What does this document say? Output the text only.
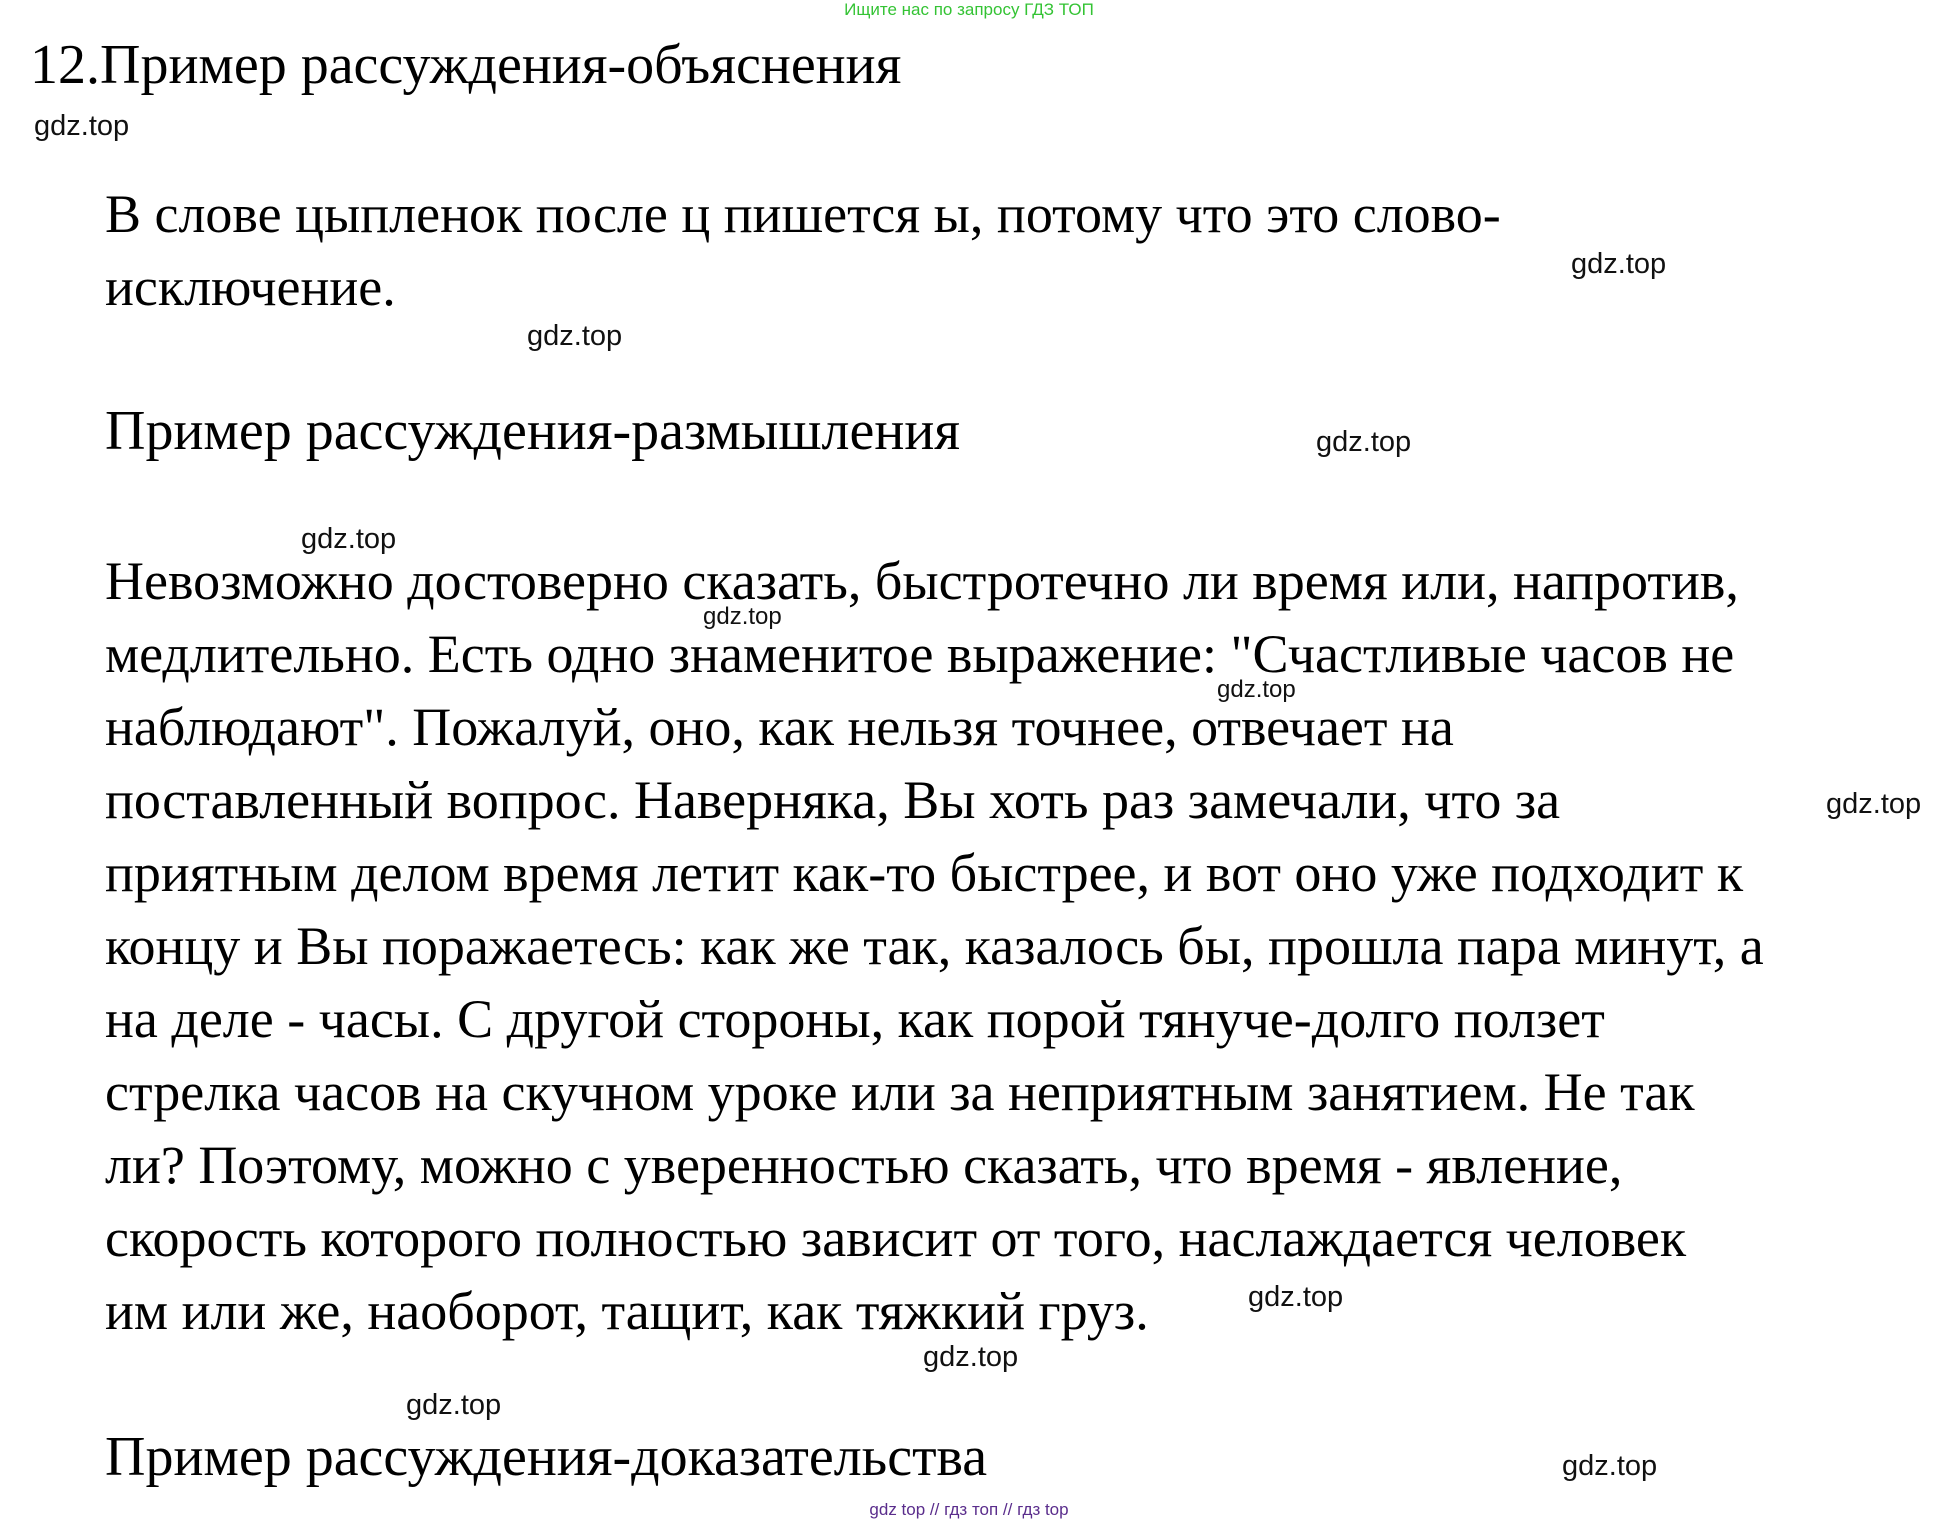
Ищите нас по запросу ГДЗ ТОП
12.Пример рассуждения-объяснения
gdz.top
В слове цыпленок после ц пишется ы, потому что это слово-
исключение.	gdz.top
gdz.top
Пример рассуждения-размышления	gdz.top
gdz.top
Невозможно достоверно сказать, быстротечно ли время или, напротив,
медлительно. Есть одно знаменитое выражение: "Счастливые часов не
наблюдают". Пожалуй, оно, как нельзя точнее, отвечает на
поставленный вопрос. Наверняка, Вы хоть раз замечали, что за
приятным делом время летит как-то быстрее, и вот оно уже подходит к
концу и Вы поражаетесь: как же так, казалось бы, прошла пара минут, а
на деле - часы. С другой стороны, как порой тянуче-долго ползет
стрелка часов на скучном уроке или за неприятным занятием. Не так
ли? Поэтому, можно с уверенностью сказать, что время - явление,
скорость которого полностью зависит от того, наслаждается человек
им или же, наоборот, тащит, как тяжкий груз.
gdz.top
gdz.top
gdz.top
gdz.top
gdz.top
gdz.top
Пример рассуждения-доказательства	gdz.top
gdz top // гдз топ // гдз top
